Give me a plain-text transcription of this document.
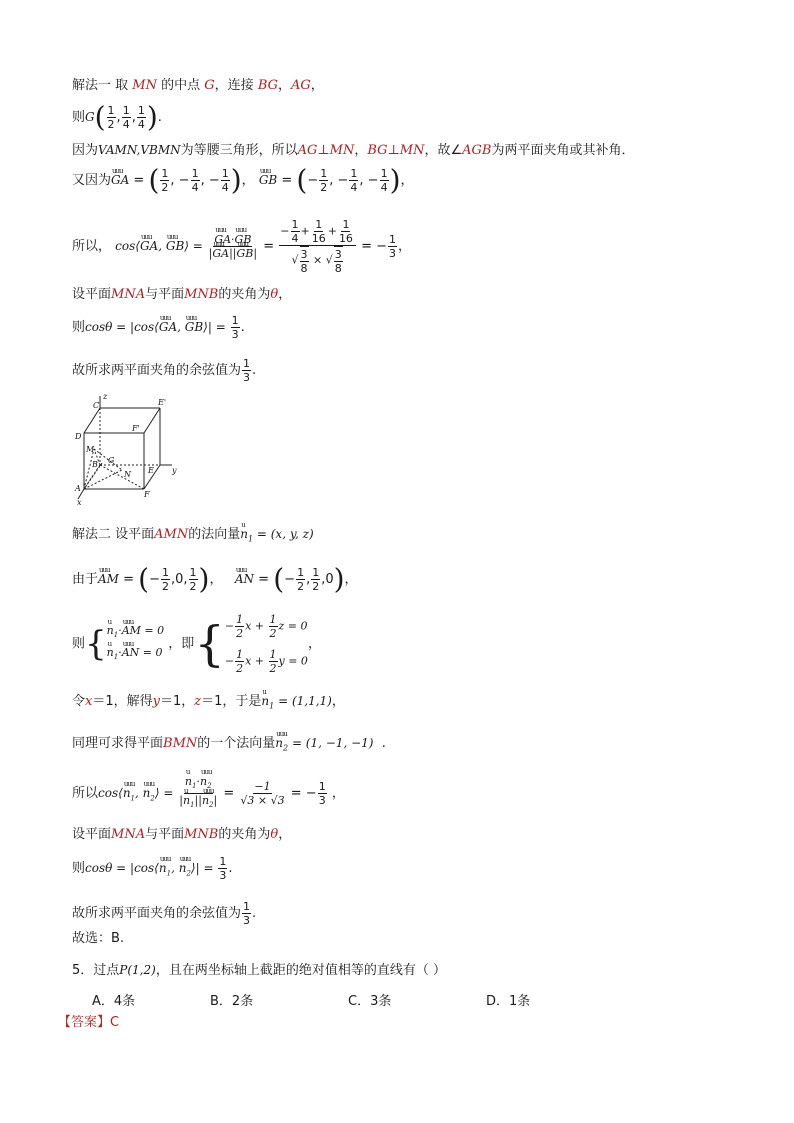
解法一 取 MN 的中点 G，连接 BG，AG，
则$G( \frac{1}{2}$ , $\frac{1}{4}$ , $\frac{1}{4}$ ).
因为VAMN,VBMN为等腰三角形，所以AG⊥MN，BG⊥MN，故∠AGB为两平面夹角或其补角．
又因为uuu GA = ( $\frac{1}{2}$ , − $\frac{1}{4}$ , − $\frac{1}{4}$ )， uuu GB = (− $\frac{1}{2}$ , − $\frac{1}{4}$ , − $\frac{1}{4}$ )，
所以， cos⟨uuu GA, uuu GB⟩ =
uuu $\frac{\text{GA·uuu GB}}{\text{|uuu GA||uuu GB|}} = \frac{- \frac{1}{4} + \frac{1}{16} + \frac{1}{16}}{√ \frac{3}{8} \times √ \frac{3}{8}}$ = − $\frac{1}{3}$ ，
设平面MNA与平面MNB的夹角为θ，
则cosθ = |cos⟨uuu GA, uuu GB⟩| = $\frac{1}{3}$ .
故所求两平面夹角的余弦值为 $\frac{1}{3}$ .
C
z
E'
D
F'
M
B G
N E y
A
x
F
解法二 设平面AMN的法向量u $n_1 = (x$, y, z)
由于uuu AM = (− $\frac{1}{2} ,0$, $\frac{1}{2}$ )，   uuu AN = (− $\frac{1}{2}$ , $\frac{1}{2} ,0$)，
则{
u $n_1\cdot uuu$ AM = 0
u $n_1\cdot uuu$ AN = 0
，即{ − $\frac{1}{2}$ $x + \frac{1}{2}$ z = 0
− $\frac{1}{2}$ $x + \frac{1}{2}$ y = 0
，
令x＝1，解得y＝1，z＝1，于是u $n_1 = (1,1,1)$，
同理可求得平面BMN的一个法向量uuu $n_2 = (1$, −1, −1)  .
所以cos⟨uuu $n_1$, uuu $n_2⟩$ =
u $\frac{n_1\cdot uuu n_2}{|u n_1||uuu n_2|} = \frac{-1}{√3 \times √3}$ = − $\frac{1}{3}$ ，
设平面MNA与平面MNB的夹角为θ，
则cosθ = |cos⟨uuu $n_1$, uuu $n_2⟩| = \frac{1}{3}$ .
故所求两平面夹角的余弦值为 $\frac{1}{3}$ .
故选：B.
5．过点P(1,2)，且在两坐标轴上截距的绝对值相等的直线有（ ）
A．4条	B．2条	C．3条	D．1条
【答案】C
